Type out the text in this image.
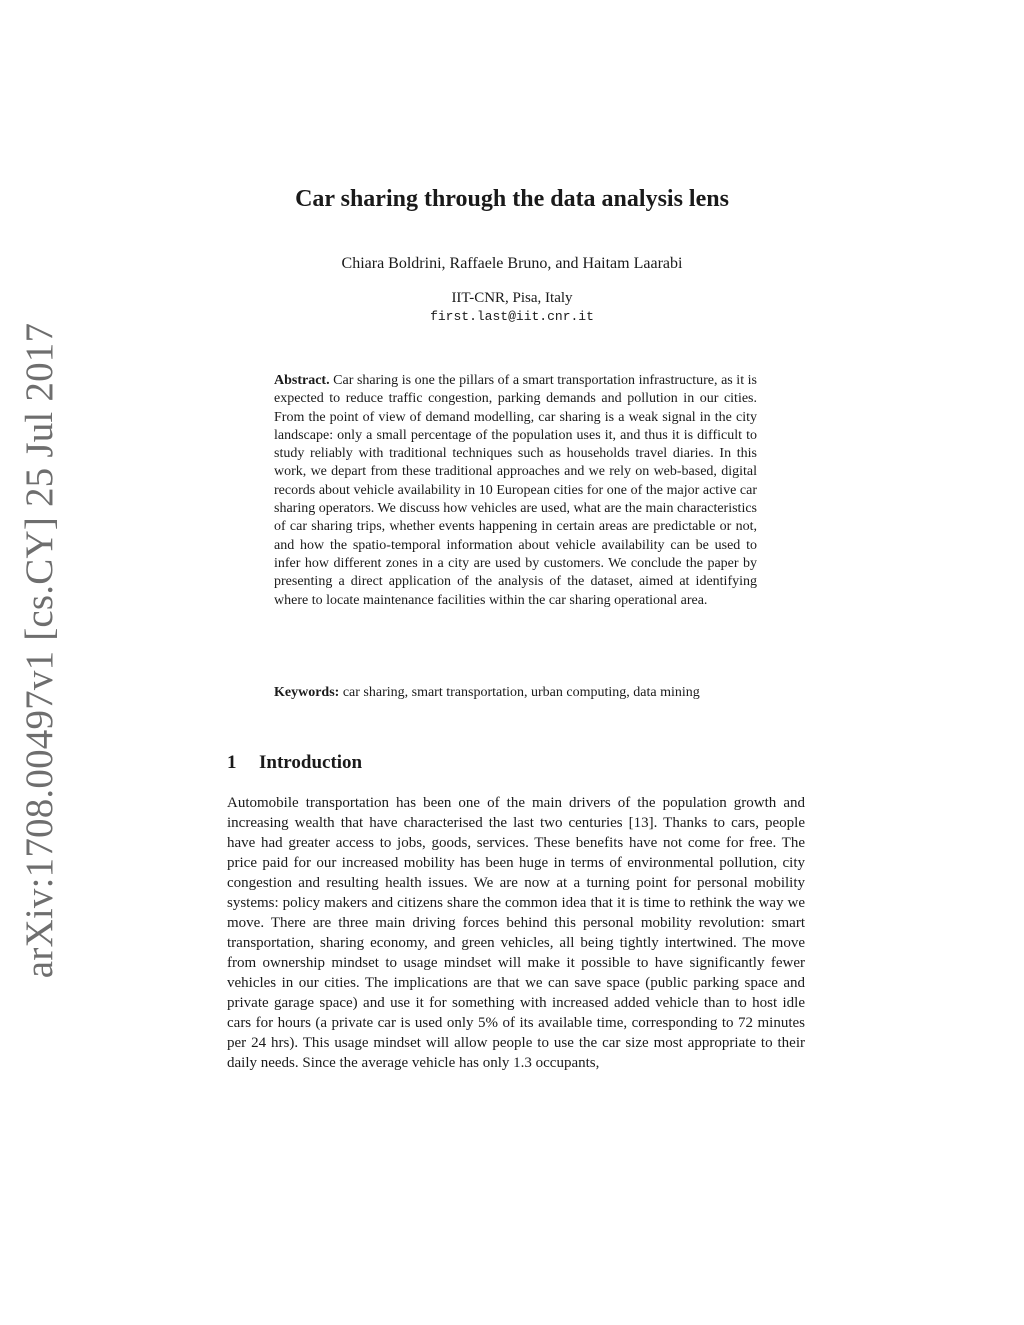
arXiv:1708.00497v1 [cs.CY] 25 Jul 2017
Car sharing through the data analysis lens
Chiara Boldrini, Raffaele Bruno, and Haitam Laarabi
IIT-CNR, Pisa, Italy
first.last@iit.cnr.it

Abstract. Car sharing is one the pillars of a smart transportation infrastructure, as it is expected to reduce traffic congestion, parking demands and pollution in our cities. From the point of view of demand modelling, car sharing is a weak signal in the city landscape: only a small percentage of the population uses it, and thus it is difficult to study reliably with traditional techniques such as households travel diaries. In this work, we depart from these traditional approaches and we rely on web-based, digital records about vehicle availability in 10 European cities for one of the major active car sharing operators. We discuss how vehicles are used, what are the main characteristics of car sharing trips, whether events happening in certain areas are predictable or not, and how the spatio-temporal information about vehicle availability can be used to infer how different zones in a city are used by customers. We conclude the paper by presenting a direct application of the analysis of the dataset, aimed at identifying where to locate maintenance facilities within the car sharing operational area.

Keywords: car sharing, smart transportation, urban computing, data mining

1 Introduction

Automobile transportation has been one of the main drivers of the population growth and increasing wealth that have characterised the last two centuries [13]. Thanks to cars, people have had greater access to jobs, goods, services. These benefits have not come for free. The price paid for our increased mobility has been huge in terms of environmental pollution, city congestion and resulting health issues. We are now at a turning point for personal mobility systems: policy makers and citizens share the common idea that it is time to rethink the way we move. There are three main driving forces behind this personal mobility revolution: smart transportation, sharing economy, and green vehicles, all being tightly intertwined. The move from ownership mindset to usage mindset will make it possible to have significantly fewer vehicles in our cities. The implications are that we can save space (public parking space and private garage space) and use it for something with increased added vehicle than to host idle cars for hours (a private car is used only 5% of its available time, corresponding to 72 minutes per 24 hrs). This usage mindset will allow people to use the car size most appropriate to their daily needs. Since the average vehicle has only 1.3 occupants,
